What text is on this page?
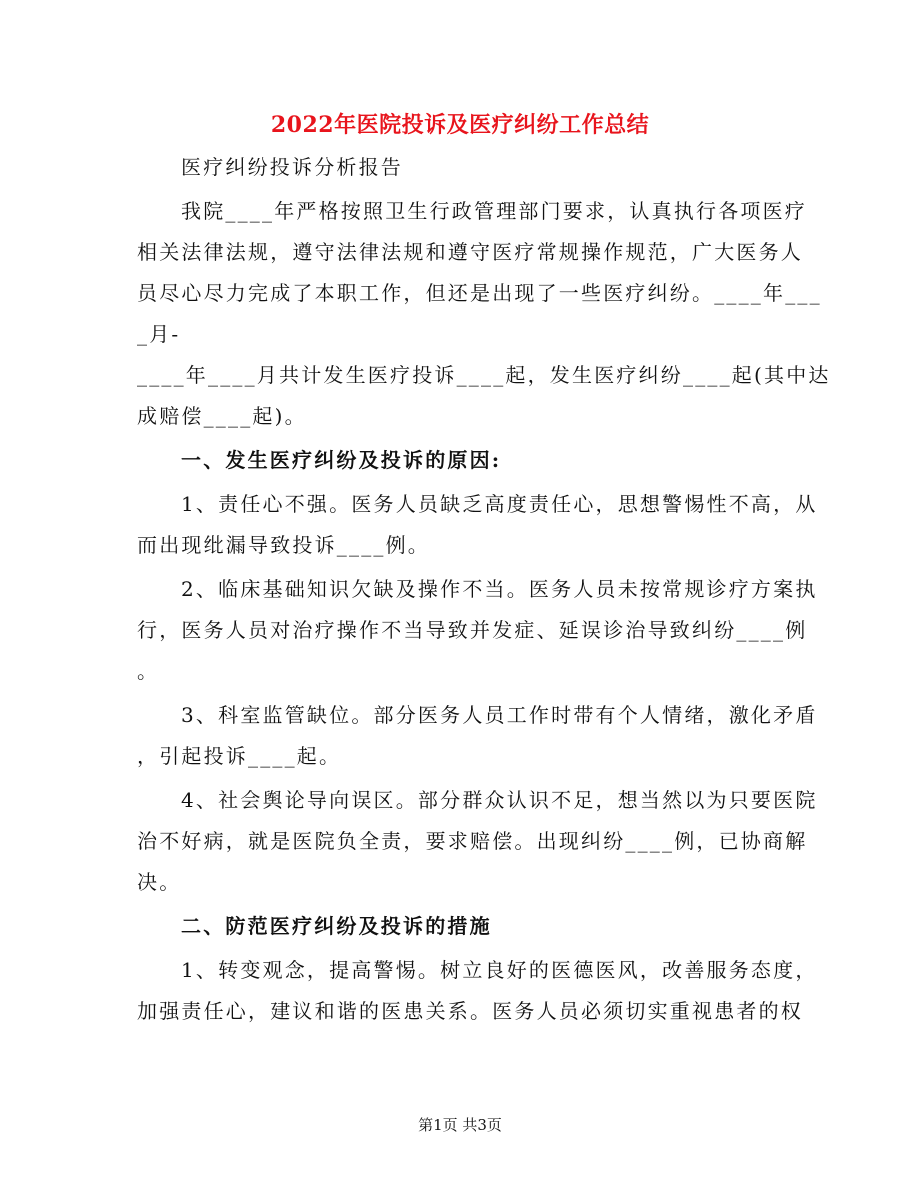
2022年医院投诉及医疗纠纷工作总结
医疗纠纷投诉分析报告
我院____年严格按照卫生行政管理部门要求，认真执行各项医疗
相关法律法规，遵守法律法规和遵守医疗常规操作规范，广大医务人
员尽心尽力完成了本职工作，但还是出现了一些医疗纠纷。____年___
_月-
____年____月共计发生医疗投诉____起，发生医疗纠纷____起(其中达
成赔偿____起)。
一、发生医疗纠纷及投诉的原因:
1、责任心不强。医务人员缺乏高度责任心，思想警惕性不高，从
而出现纰漏导致投诉____例。
2、临床基础知识欠缺及操作不当。医务人员未按常规诊疗方案执
行，医务人员对治疗操作不当导致并发症、延误诊治导致纠纷____例
。
3、科室监管缺位。部分医务人员工作时带有个人情绪，激化矛盾
，引起投诉____起。
4、社会舆论导向误区。部分群众认识不足，想当然以为只要医院
治不好病，就是医院负全责，要求赔偿。出现纠纷____例，已协商解
决。
二、防范医疗纠纷及投诉的措施
1、转变观念，提高警惕。树立良好的医德医风，改善服务态度，
加强责任心，建议和谐的医患关系。医务人员必须切实重视患者的权
第1页 共3页
